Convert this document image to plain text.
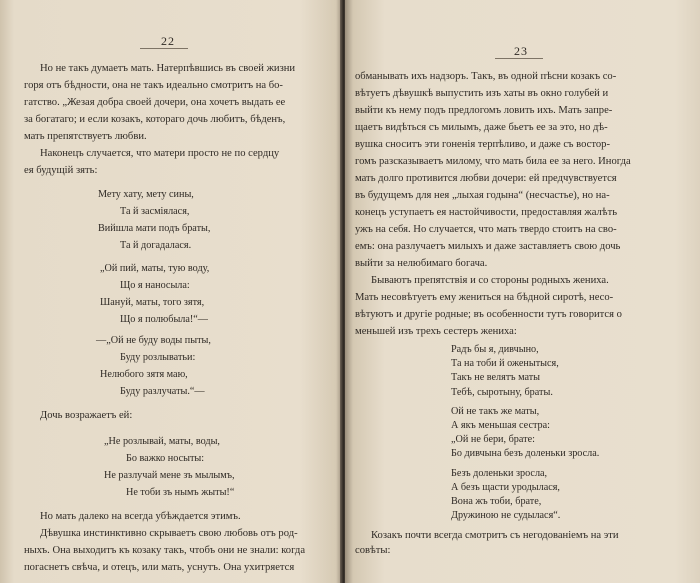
22
Но не такъ думаетъ мать. Натерпѣвшись въ своей жизни
горя отъ бѣдности, она не такъ идеально смотритъ на бо-
гатство. „Жезая добра своей дочери, она хочетъ выдать ее
за богатаго; и если козакъ, котораго дочь любитъ, бѣденъ,
мать препятствуетъ любви.
Наконецъ случается, что матери просто не по сердцу
ея будущій зять:
Мету хату, мету сины,
Та й засмiялася,
Вийшла мати подъ браты,
Та й догадалася.
„Ой пий, маты, тую воду,
Що я наносыла:
Шануй, маты, того зятя,
Що я полюбыла!“—
—„Ой не буду воды пыты,
Буду розлыватьи:
Нелюбого зятя маю,
Буду разлучаты.“—
Дочь возражаетъ ей:
„Не розлывай, маты, воды,
Бо важко носыты:
Не разлучай мене зъ мылымъ,
Не тоби зъ нымъ жыты!“
Но мать далеко на всегда убѣждается этимъ.
Дѣвушка инстинктивно скрываетъ свою любовь отъ род-
ныхъ. Она выходитъ къ козаку такъ, чтобъ они не знали: когда
погаснетъ свѣча, и отецъ, или мать, уснутъ. Она ухитряется
23
обманывать ихъ надзоръ. Такъ, въ одной пѣсни козакъ со-
вѣтуетъ дѣвушкѣ выпустить изъ хаты въ окно голубей и
выйти къ нему подъ предлогомъ ловить ихъ. Мать запре-
щаетъ видѣться съ милымъ, даже бьетъ ее за это, но дѣ-
вушка сноситъ эти гоненія терпѣливо, и даже съ востор-
гомъ разсказываетъ милому, что мать била ее за него. Иногда
мать долго противится любви дочери: ей предчувствуется
въ будущемъ для нея „лыхая годына“ (несчастье), но на-
конецъ уступаетъ ея настойчивости, предоставляя жалѣть
ужъ на себя. Но случается, что мать твердо стоитъ на сво-
емъ: она разлучаетъ милыхъ и даже заставляетъ свою дочь
выйти за нелюбимаго богача.
Бываютъ препятствія и со стороны родныхъ жениха.
Мать несовѣтуетъ ему жениться на бѣдной сиротѣ, несо-
вѣтуютъ и другіе родные; въ особенности тутъ говорится о
меньшей изъ трехъ сестеръ жениха:
Радъ бы я, дивчыно,
Та на тоби й оженытыся,
Такъ не велятъ маты
Тебѣ, сыротыну, браты.
Ой не такъ же маты,
А якъ меньшая сестра:
„Ой не бери, брате:
Бо дивчына безъ доленьки зросла.
Безъ доленьки зросла,
А безъ щасти уродылася,
Вона жъ тоби, брате,
Дружиною не судылася“.
Козакъ почти всегда смотритъ съ негодованіемъ на эти
совѣты:
